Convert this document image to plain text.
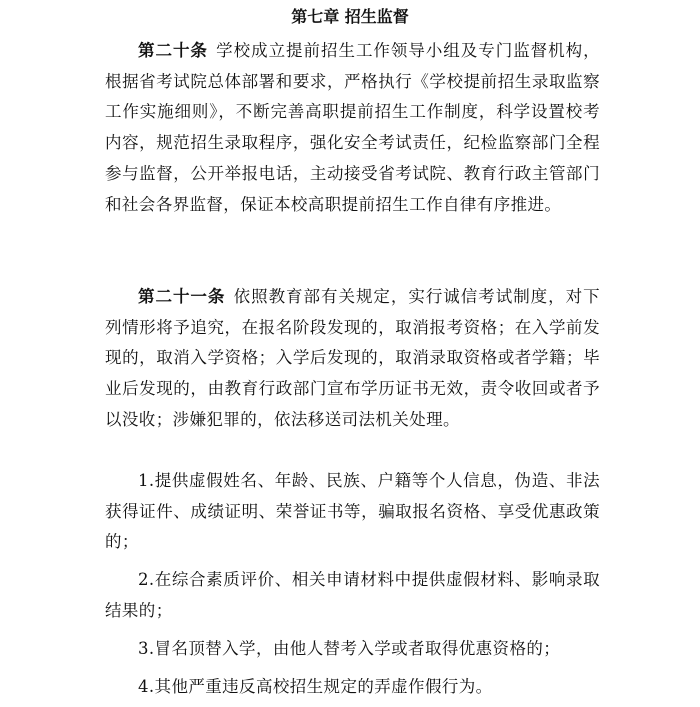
第七章 招生监督

第二十条 学校成立提前招生工作领导小组及专门监督机构，根据省考试院总体部署和要求，严格执行《学校提前招生录取监察工作实施细则》，不断完善高职提前招生工作制度，科学设置校考内容，规范招生录取程序，强化安全考试责任，纪检监察部门全程参与监督，公开举报电话，主动接受省考试院、教育行政主管部门和社会各界监督，保证本校高职提前招生工作自律有序推进。

第二十一条 依照教育部有关规定，实行诚信考试制度，对下列情形将予追究，在报名阶段发现的，取消报考资格；在入学前发现的，取消入学资格；入学后发现的，取消录取资格或者学籍；毕业后发现的，由教育行政部门宣布学历证书无效，责令收回或者予以没收；涉嫌犯罪的，依法移送司法机关处理。

1.提供虚假姓名、年龄、民族、户籍等个人信息，伪造、非法获得证件、成绩证明、荣誉证书等，骗取报名资格、享受优惠政策的；

2.在综合素质评价、相关申请材料中提供虚假材料、影响录取结果的；

3.冒名顶替入学，由他人替考入学或者取得优惠资格的；

4.其他严重违反高校招生规定的弄虚作假行为。
